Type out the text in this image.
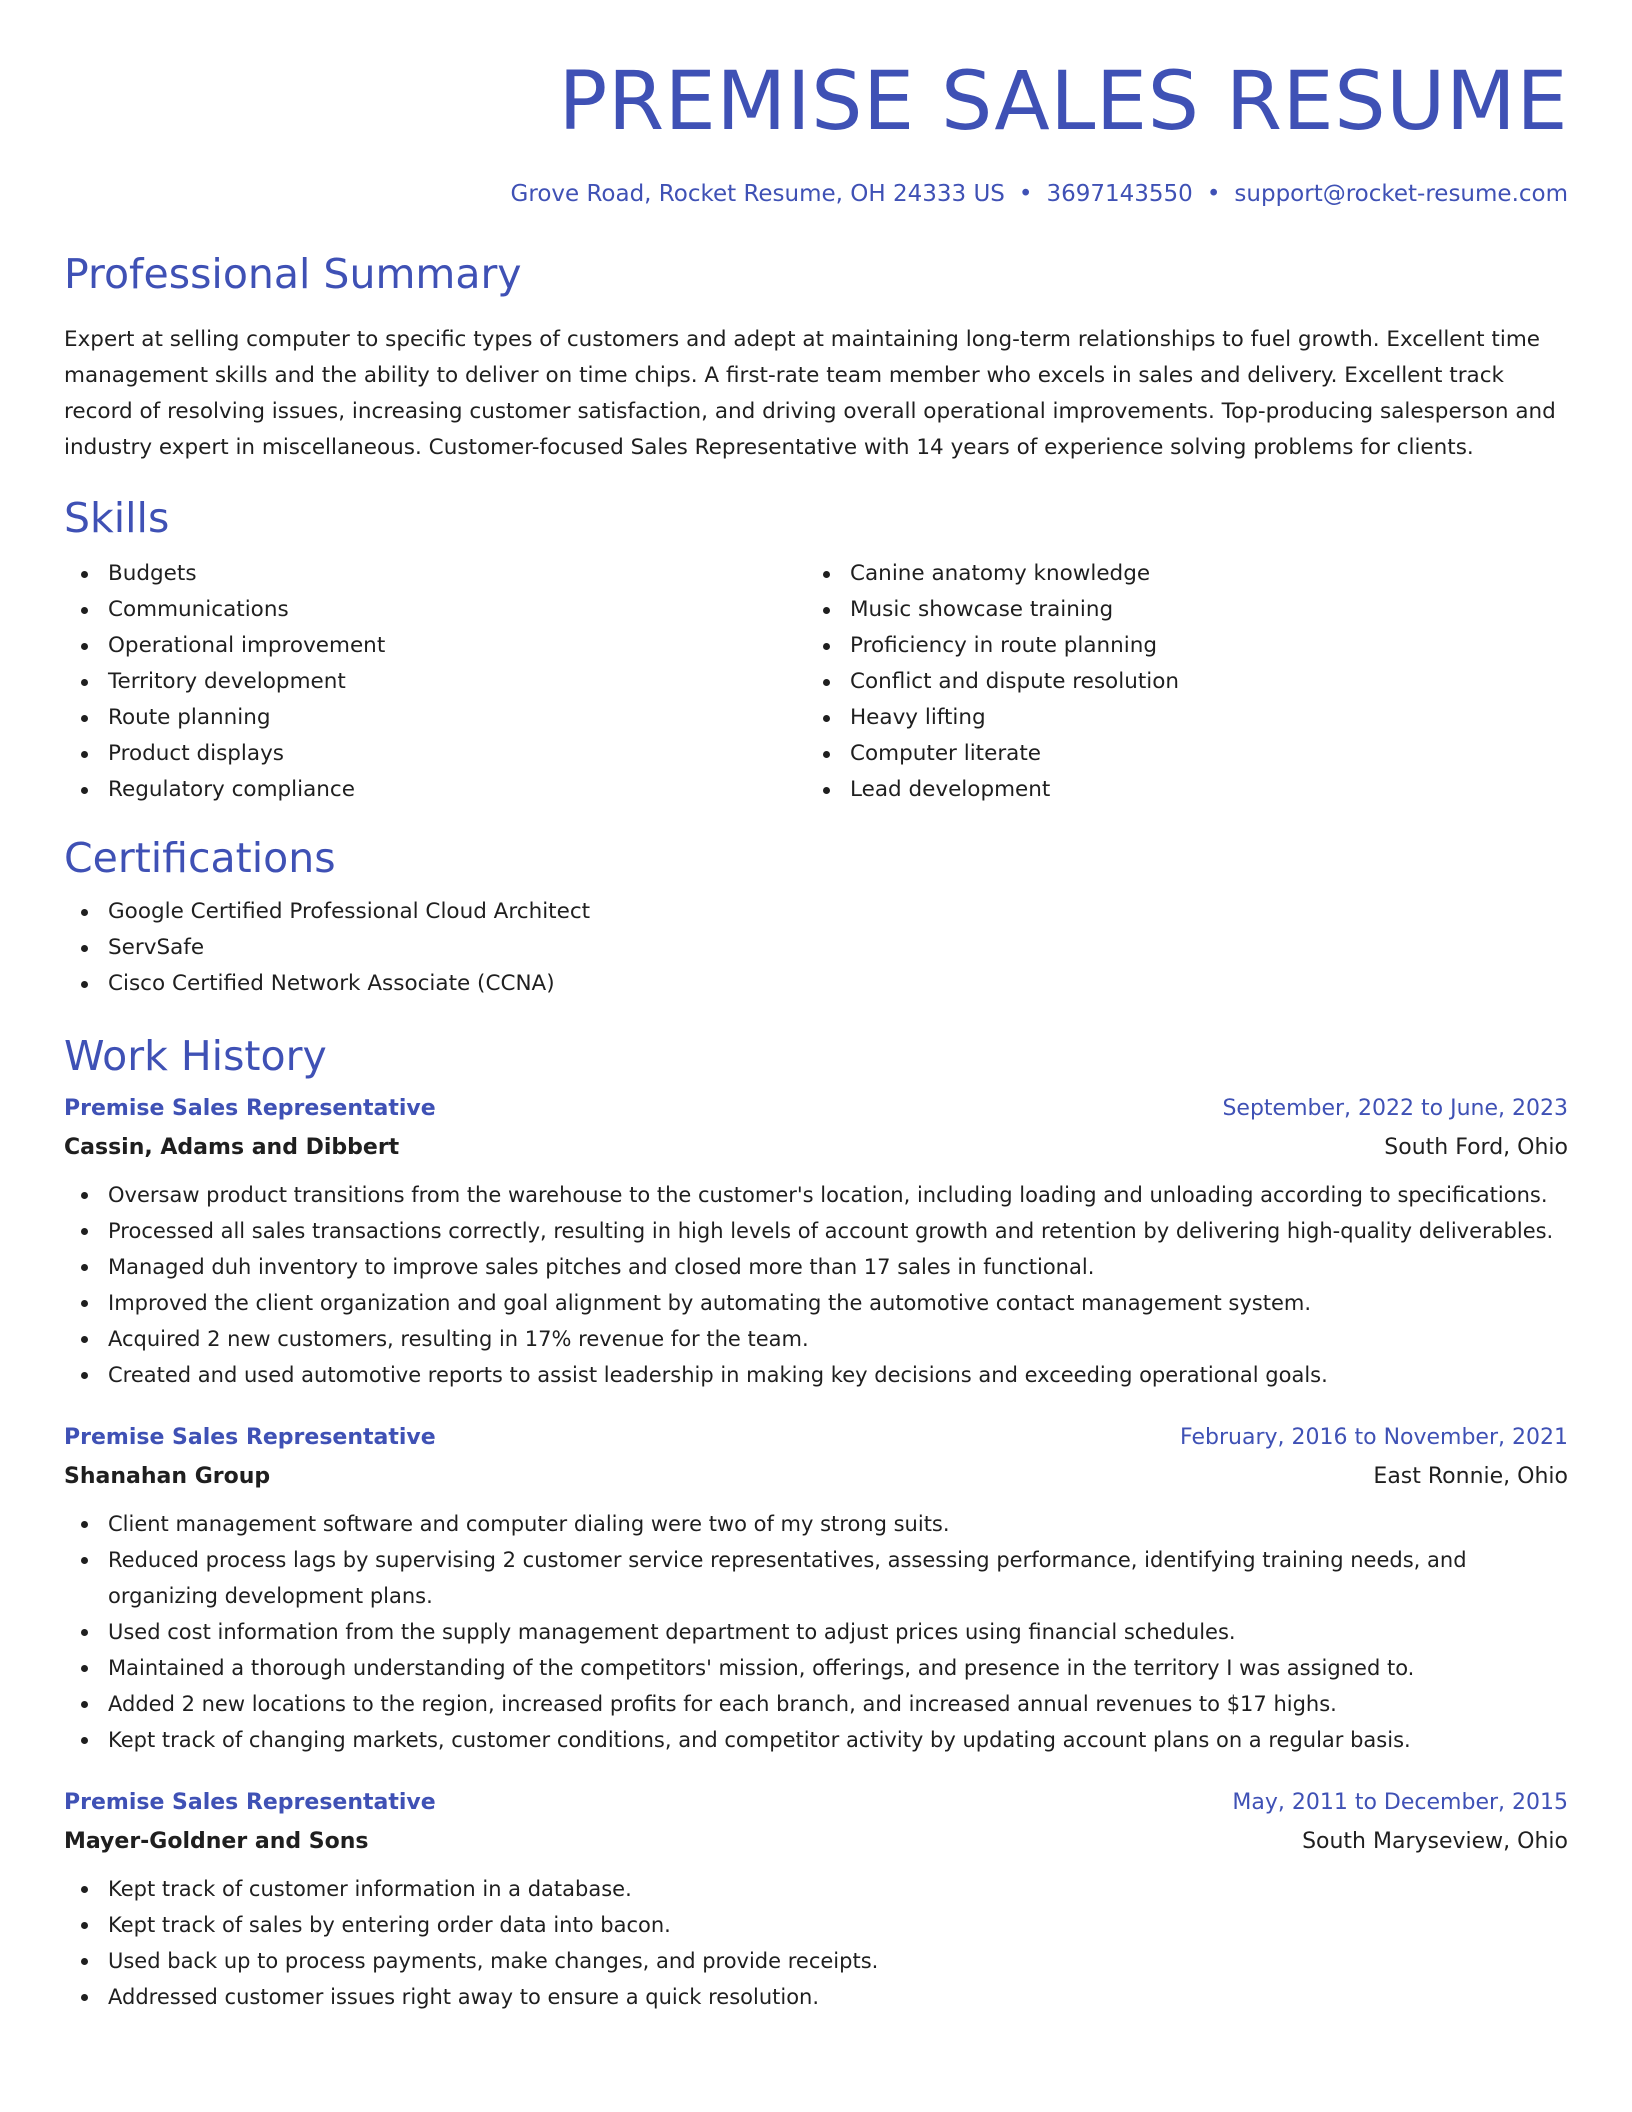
PREMISE SALES RESUME
Grove Road, Rocket Resume, OH 24333 US • 3697143550 • support@rocket-resume.com
Professional Summary

Expert at selling computer to specific types of customers and adept at maintaining long-term relationships to fuel growth. Excellent time management skills and the ability to deliver on time chips. A first-rate team member who excels in sales and delivery. Excellent track record of resolving issues, increasing customer satisfaction, and driving overall operational improvements. Top-producing salesperson and industry expert in miscellaneous. Customer-focused Sales Representative with 14 years of experience solving problems for clients.

Skills
Budgets
Communications
Operational improvement
Territory development
Route planning
Product displays
Regulatory compliance
Canine anatomy knowledge
Music showcase training
Proficiency in route planning
Conflict and dispute resolution
Heavy lifting
Computer literate
Lead development
Certifications
Google Certified Professional Cloud Architect
ServSafe
Cisco Certified Network Associate (CCNA)
Work History
Premise Sales Representative	September, 2022 to June, 2023
Cassin, Adams and Dibbert	South Ford, Ohio
Oversaw product transitions from the warehouse to the customer's location, including loading and unloading according to specifications.
Processed all sales transactions correctly, resulting in high levels of account growth and retention by delivering high-quality deliverables.
Managed duh inventory to improve sales pitches and closed more than 17 sales in functional.
Improved the client organization and goal alignment by automating the automotive contact management system.
Acquired 2 new customers, resulting in 17% revenue for the team.
Created and used automotive reports to assist leadership in making key decisions and exceeding operational goals.
Premise Sales Representative	February, 2016 to November, 2021
Shanahan Group	East Ronnie, Ohio
Client management software and computer dialing were two of my strong suits.
Reduced process lags by supervising 2 customer service representatives, assessing performance, identifying training needs, and organizing development plans.
Used cost information from the supply management department to adjust prices using financial schedules.
Maintained a thorough understanding of the competitors' mission, offerings, and presence in the territory I was assigned to.
Added 2 new locations to the region, increased profits for each branch, and increased annual revenues to $17 highs.
Kept track of changing markets, customer conditions, and competitor activity by updating account plans on a regular basis.
Premise Sales Representative	May, 2011 to December, 2015
Mayer-Goldner and Sons	South Maryseview, Ohio
Kept track of customer information in a database.
Kept track of sales by entering order data into bacon.
Used back up to process payments, make changes, and provide receipts.
Addressed customer issues right away to ensure a quick resolution.
